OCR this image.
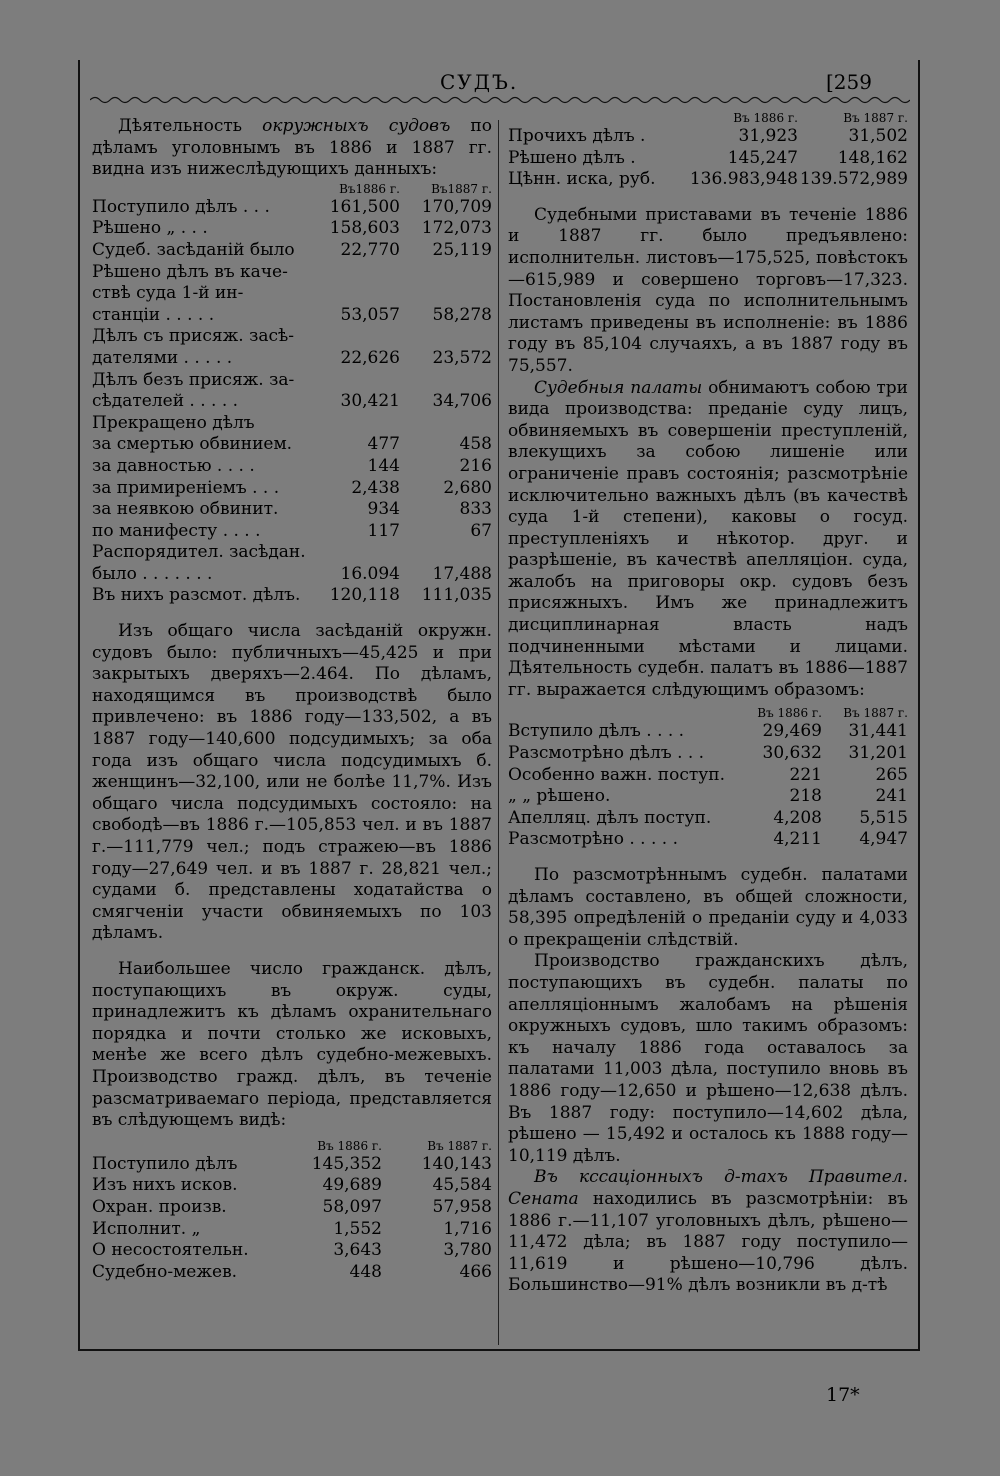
СУДЪ.	[259

Дѣятельность окружныхъ судовъ по дѣламъ уголовнымъ въ 1886 и 1887 гг. видна изъ нижеслѣдующихъ данныхъ:

	Въ1886 г.	Въ1887 г.
Поступило дѣлъ . . .	161,500	170,709
Рѣшено „ . . .	158,603	172,073
Судеб. засѣданій было	22,770	25,119
Рѣшено дѣлъ въ каче-		
ствѣ суда 1-й ин-		
станціи . . . . .	53,057	58,278
Дѣлъ съ присяж. засѣ-		
дателями . . . . .	22,626	23,572
Дѣлъ безъ присяж. за-		
сѣдателей . . . . .	30,421	34,706
Прекращено дѣлъ		
за смертью обвинием.	477	458
за давностью . . . .	144	216
за примиреніемъ . . .	2,438	2,680
за неявкою обвинит.	934	833
по манифесту . . . .	117	67
Распорядител. засѣдан.		
было . . . . . . .	16.094	17,488
Въ нихъ разсмот. дѣлъ.	120,118	111,035

Изъ общаго числа засѣданій окружн. судовъ было: публичныхъ—45,425 и при закрытыхъ дверяхъ—2.464. По дѣламъ, находящимся въ производствѣ было привлечено: въ 1886 году—133,502, а въ 1887 году—140,600 подсудимыхъ; за оба года изъ общаго числа подсудимыхъ б. женщинъ—32,100, или не болѣе 11,7%. Изъ общаго числа подсудимыхъ состояло: на свободѣ—въ 1886 г.—105,853 чел. и въ 1887 г.—111,779 чел.; подъ стражею—въ 1886 году—27,649 чел. и въ 1887 г. 28,821 чел.; судами б. представлены ходатайства о смягченіи участи обвиняемыхъ по 103 дѣламъ.

Наибольшее число гражданск. дѣлъ, поступающихъ въ окруж. суды, принадлежитъ къ дѣламъ охранительнаго порядка и почти столько же исковыхъ, менѣе же всего дѣлъ судебно-межевыхъ. Производство гражд. дѣлъ, въ теченіе разсматриваемаго періода, представляется въ слѣдующемъ видѣ:

	Въ 1886 г.	Въ 1887 г.
Поступило дѣлъ	145,352	140,143
Изъ нихъ исков.	49,689	45,584
Охран. произв.	58,097	57,958
Исполнит. „	1,552	1,716
О несостоятельн.	3,643	3,780
Судебно-межев.	448	466
	Въ 1886 г.	Въ 1887 г.
Прочихъ дѣлъ .	31,923	31,502
Рѣшено дѣлъ .	145,247	148,162
Цѣнн. иска, руб.	136.983,948	139.572,989

Судебными приставами въ теченіе 1886 и 1887 гг. было предъявлено: исполнительн. листовъ—175,525, повѣстокъ—615,989 и совершено торговъ—17,323. Постановленія суда по исполнительнымъ листамъ приведены въ исполненіе: въ 1886 году въ 85,104 случаяхъ, а въ 1887 году въ 75,557.

Судебныя палаты обнимаютъ собою три вида производства: преданіе суду лицъ, обвиняемыхъ въ совершеніи преступленій, влекущихъ за собою лишеніе или ограниченіе правъ состоянія; разсмотрѣніе исключительно важныхъ дѣлъ (въ качествѣ суда 1-й степени), каковы о госуд. преступленіяхъ и нѣкотор. друг. и разрѣшеніе, въ качествѣ апелляціон. суда, жалобъ на приговоры окр. судовъ безъ присяжныхъ. Имъ же принадлежитъ дисциплинарная власть надъ подчиненными мѣстами и лицами. Дѣятельность судебн. палатъ въ 1886—1887 гг. выражается слѣдующимъ образомъ:

	Въ 1886 г.	Въ 1887 г.
Вступило дѣлъ . . . .	29,469	31,441
Разсмотрѣно дѣлъ . . .	30,632	31,201
Особенно важн. поступ.	221	265
„ „ рѣшено.	218	241
Апелляц. дѣлъ поступ.	4,208	5,515
Разсмотрѣно . . . . .	4,211	4,947

По разсмотрѣннымъ судебн. палатами дѣламъ составлено, въ общей сложности, 58,395 опредѣленій о преданіи суду и 4,033 о прекращеніи слѣдствій.

Производство гражданскихъ дѣлъ, поступающихъ въ судебн. палаты по апелляціоннымъ жалобамъ на рѣшенія окружныхъ судовъ, шло такимъ образомъ: къ началу 1886 года оставалось за палатами 11,003 дѣла, поступило вновь въ 1886 году—12,650 и рѣшено—12,638 дѣлъ. Въ 1887 году: поступило—14,602 дѣла, рѣшено — 15,492 и осталось къ 1888 году—10,119 дѣлъ.

Въ кссаціонныхъ д-тахъ Правител. Сената находились въ разсмотрѣніи: въ 1886 г.—11,107 уголовныхъ дѣлъ, рѣшено—11,472 дѣла; въ 1887 году поступило—11,619 и рѣшено—10,796 дѣлъ. Большинство—91% дѣлъ возникли въ д-тѣ

17*
